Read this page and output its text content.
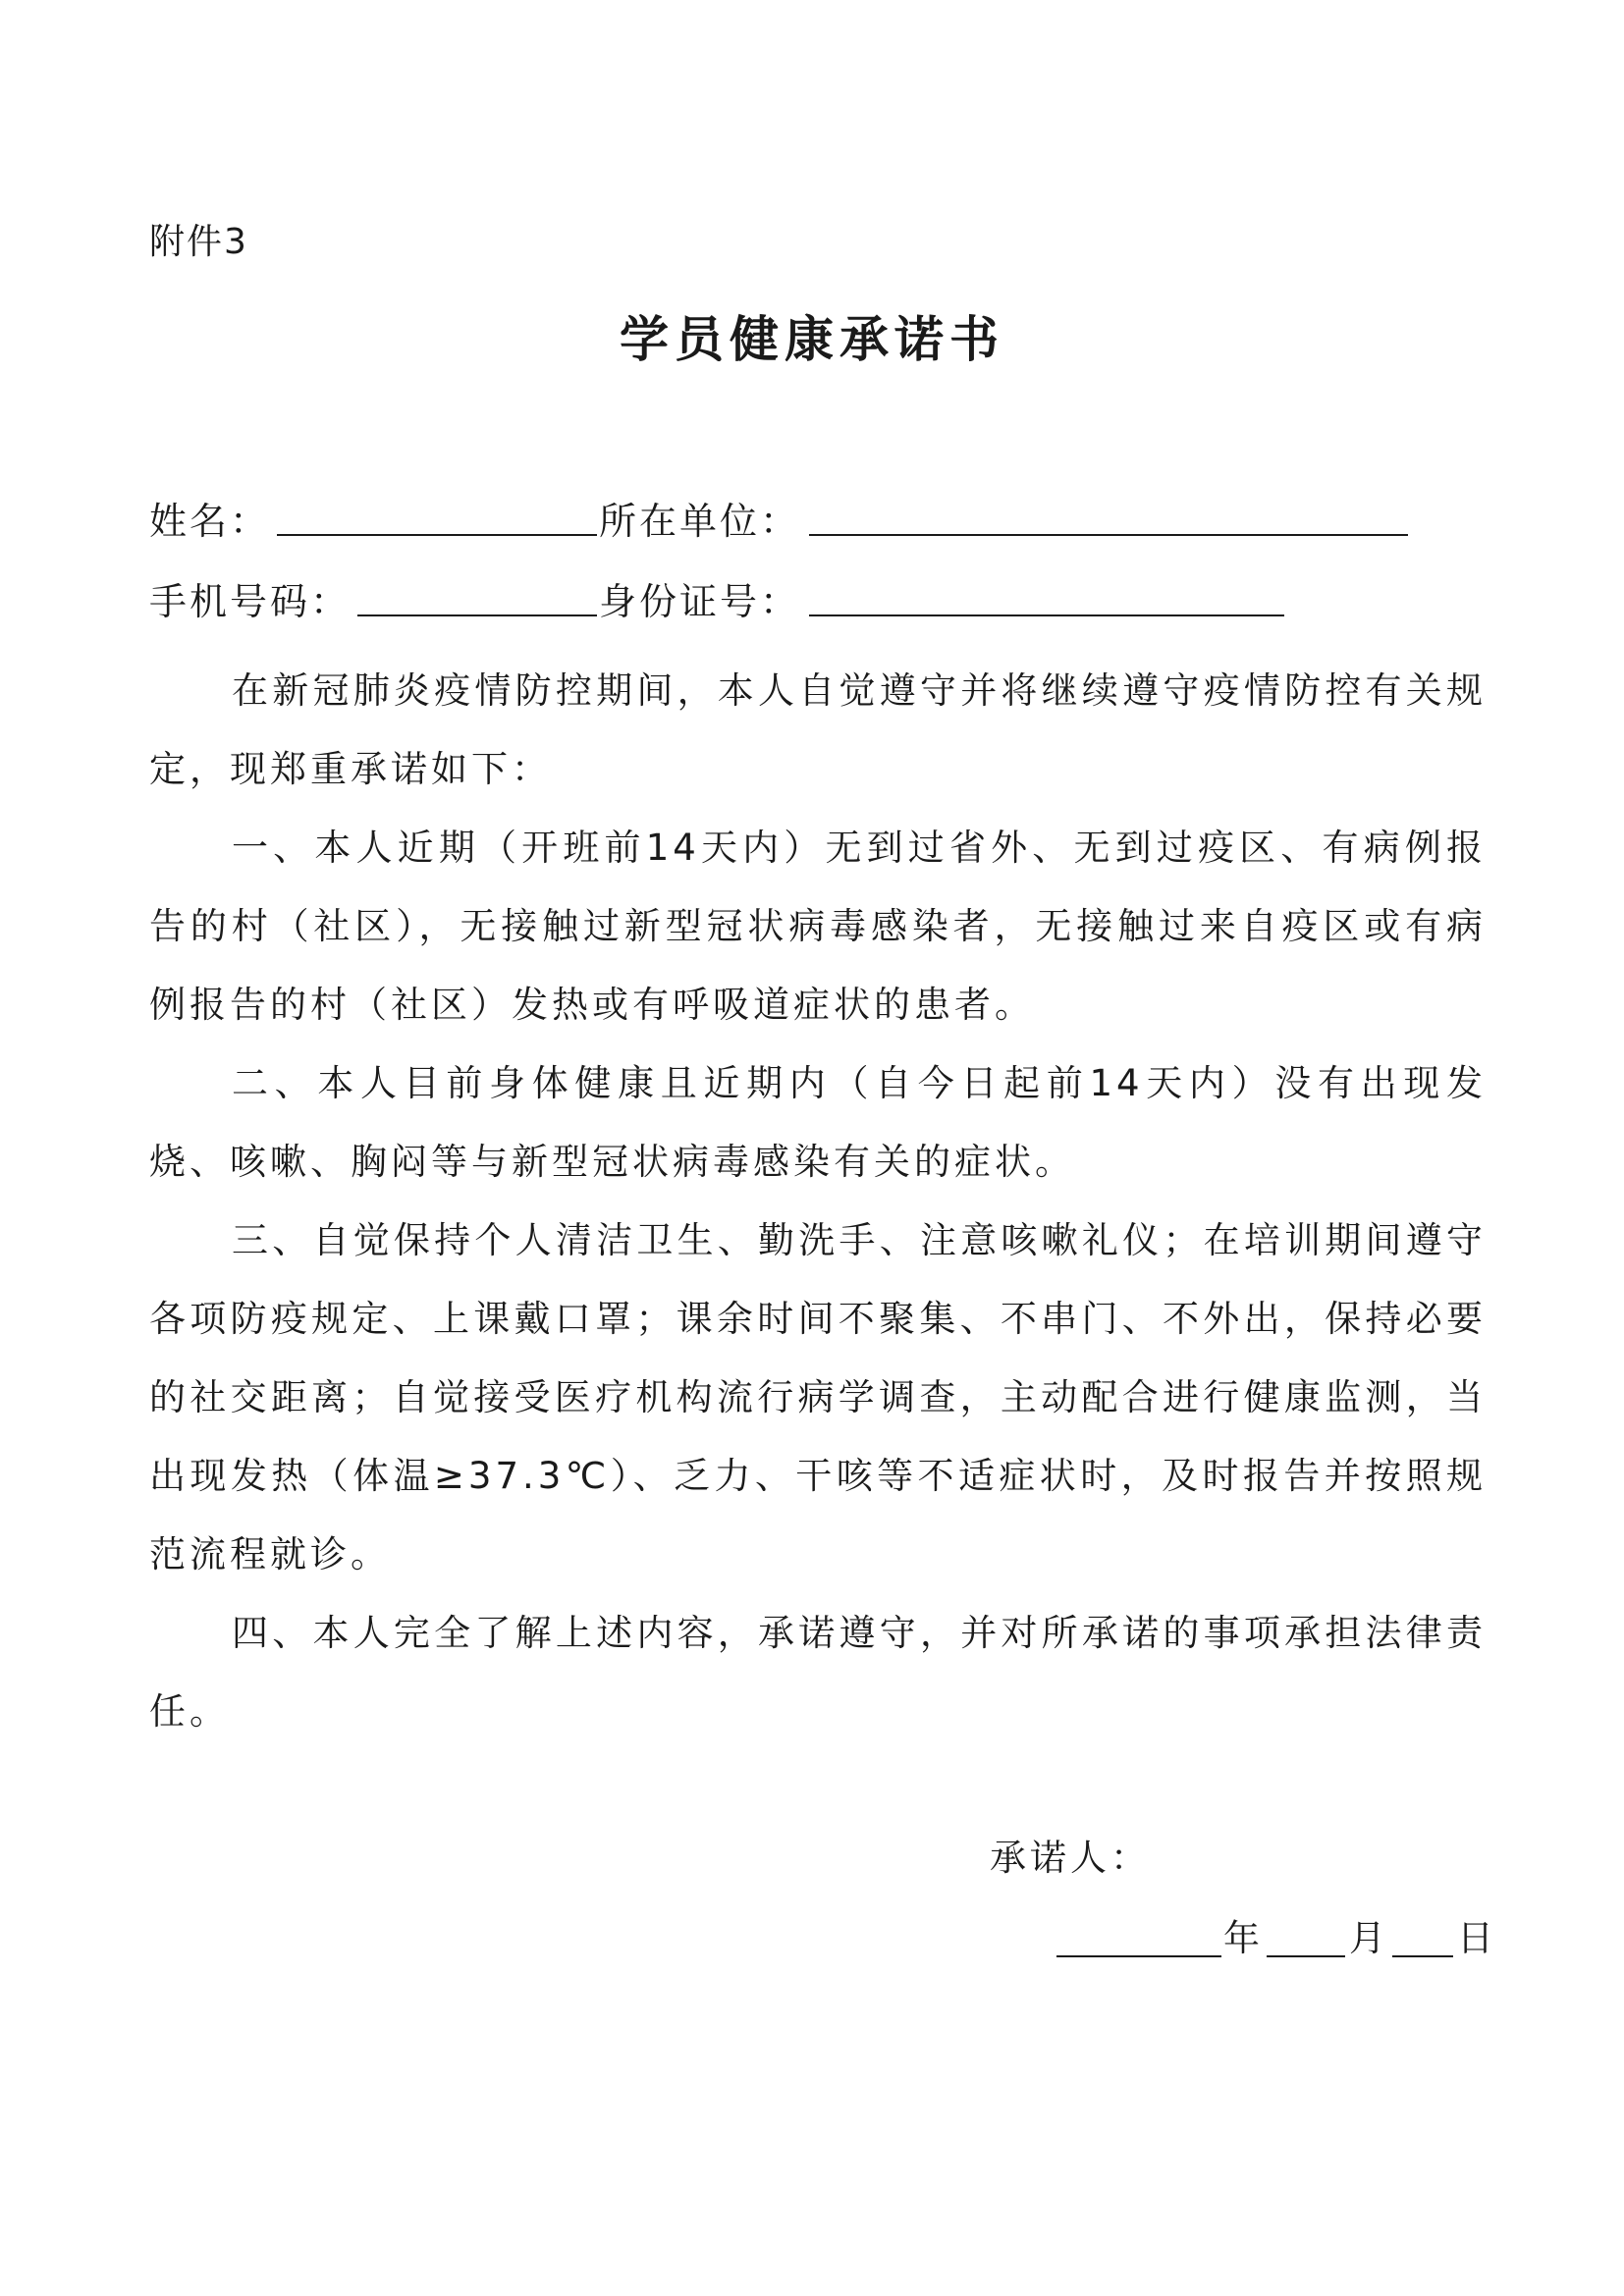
附件3
学员健康承诺书
姓名：	所在单位：
手机号码：	身份证号：

在新冠肺炎疫情防控期间，本人自觉遵守并将继续遵守疫情防控有关规定，现郑重承诺如下：

一、本人近期（开班前14天内）无到过省外、无到过疫区、有病例报告的村（社区），无接触过新型冠状病毒感染者，无接触过来自疫区或有病例报告的村（社区）发热或有呼吸道症状的患者。

二、本人目前身体健康且近期内（自今日起前14天内）没有出现发烧、咳嗽、胸闷等与新型冠状病毒感染有关的症状。

三、自觉保持个人清洁卫生、勤洗手、注意咳嗽礼仪；在培训期间遵守各项防疫规定、上课戴口罩；课余时间不聚集、不串门、不外出，保持必要的社交距离；自觉接受医疗机构流行病学调查，主动配合进行健康监测，当出现发热（体温≥37.3℃）、乏力、干咳等不适症状时，及时报告并按照规范流程就诊。

四、本人完全了解上述内容，承诺遵守，并对所承诺的事项承担法律责任。

承诺人：
年 月 日
